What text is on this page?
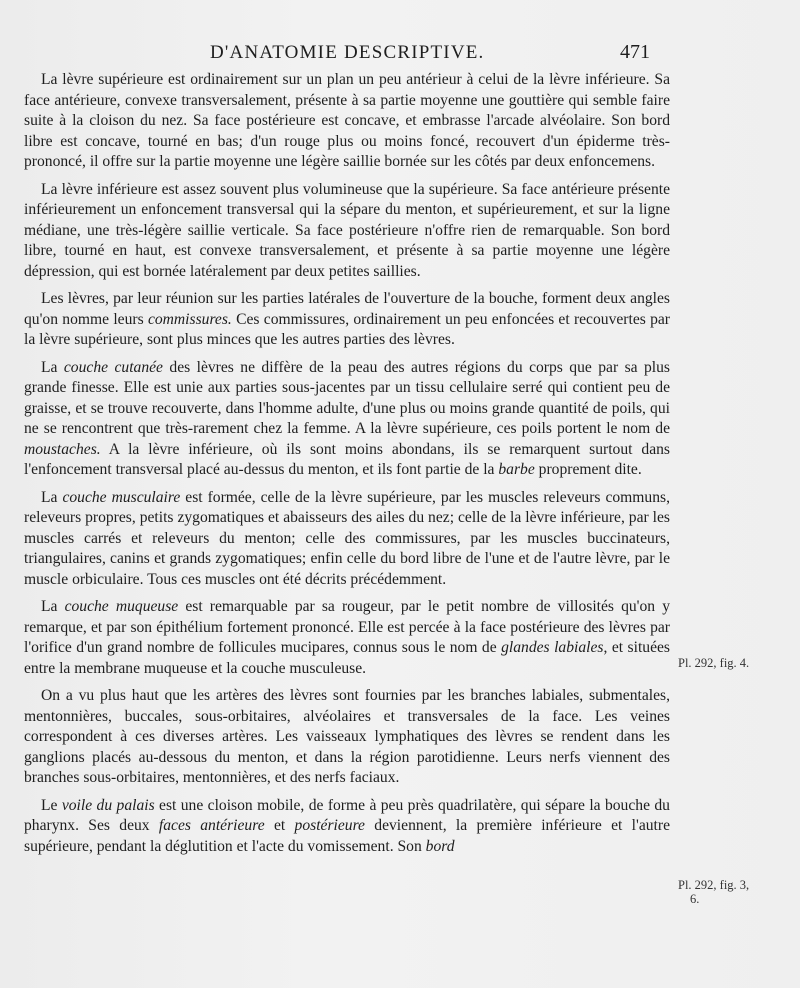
D'ANATOMIE DESCRIPTIVE.	471

La lèvre supérieure est ordinairement sur un plan un peu antérieur à celui de la lèvre inférieure. Sa face antérieure, convexe transversalement, présente à sa partie moyenne une gouttière qui semble faire suite à la cloison du nez. Sa face postérieure est concave, et embrasse l'arcade alvéolaire. Son bord libre est concave, tourné en bas; d'un rouge plus ou moins foncé, recouvert d'un épiderme très-prononcé, il offre sur la partie moyenne une légère saillie bornée sur les côtés par deux enfoncemens.

La lèvre inférieure est assez souvent plus volumineuse que la supérieure. Sa face antérieure présente inférieurement un enfoncement transversal qui la sépare du menton, et supérieurement, et sur la ligne médiane, une très-légère saillie verticale. Sa face postérieure n'offre rien de remarquable. Son bord libre, tourné en haut, est convexe transversalement, et présente à sa partie moyenne une légère dépression, qui est bornée latéralement par deux petites saillies.

Les lèvres, par leur réunion sur les parties latérales de l'ouverture de la bouche, forment deux angles qu'on nomme leurs commissures. Ces commissures, ordinairement un peu enfoncées et recouvertes par la lèvre supérieure, sont plus minces que les autres parties des lèvres.

La couche cutanée des lèvres ne diffère de la peau des autres régions du corps que par sa plus grande finesse. Elle est unie aux parties sous-jacentes par un tissu cellulaire serré qui contient peu de graisse, et se trouve recouverte, dans l'homme adulte, d'une plus ou moins grande quantité de poils, qui ne se rencontrent que très-rarement chez la femme. A la lèvre supérieure, ces poils portent le nom de moustaches. A la lèvre inférieure, où ils sont moins abondans, ils se remarquent surtout dans l'enfoncement transversal placé au-dessus du menton, et ils font partie de la barbe proprement dite.

La couche musculaire est formée, celle de la lèvre supérieure, par les muscles releveurs communs, releveurs propres, petits zygomatiques et abaisseurs des ailes du nez; celle de la lèvre inférieure, par les muscles carrés et releveurs du menton; celle des commissures, par les muscles buccinateurs, triangulaires, canins et grands zygomatiques; enfin celle du bord libre de l'une et de l'autre lèvre, par le muscle orbiculaire. Tous ces muscles ont été décrits précédemment.

La couche muqueuse est remarquable par sa rougeur, par le petit nombre de villosités qu'on y remarque, et par son épithélium fortement prononcé. Elle est percée à la face postérieure des lèvres par l'orifice d'un grand nombre de follicules mucipares, connus sous le nom de glandes labiales, et situées entre la membrane muqueuse et la couche musculeuse.

On a vu plus haut que les artères des lèvres sont fournies par les branches labiales, submentales, mentonnières, buccales, sous-orbitaires, alvéolaires et transversales de la face. Les veines correspondent à ces diverses artères. Les vaisseaux lymphatiques des lèvres se rendent dans les ganglions placés au-dessous du menton, et dans la région parotidienne. Leurs nerfs viennent des branches sous-orbitaires, mentonnières, et des nerfs faciaux.

Le voile du palais est une cloison mobile, de forme à peu près quadrilatère, qui sépare la bouche du pharynx. Ses deux faces antérieure et postérieure deviennent, la première inférieure et l'autre supérieure, pendant la déglutition et l'acte du vomissement. Son bord

Pl. 292, fig. 4.
Pl. 292, fig. 3,
6.
